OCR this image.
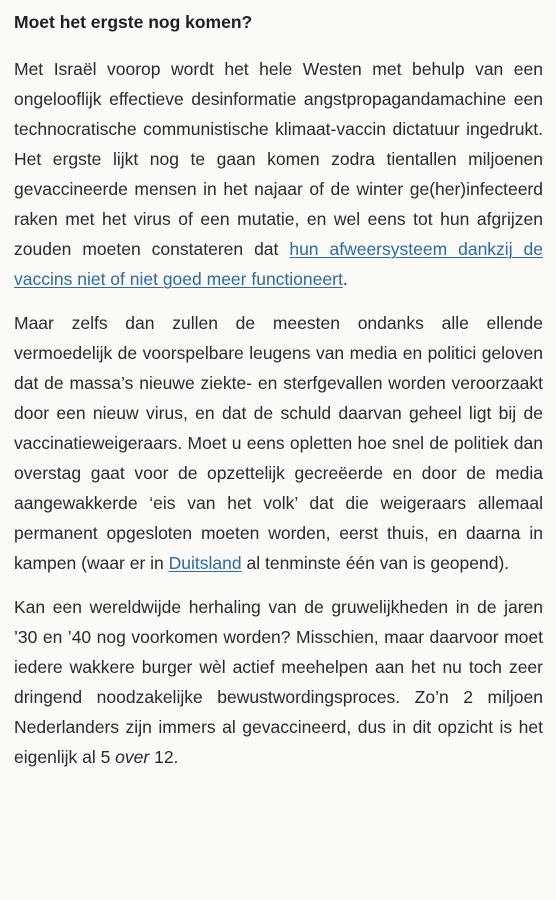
Moet het ergste nog komen?

Met Israël voorop wordt het hele Westen met behulp van een ongelooflijk effectieve desinformatie angstpropagandamachine een technocratische communistische klimaat-vaccin dictatuur ingedrukt. Het ergste lijkt nog te gaan komen zodra tientallen miljoenen gevaccineerde mensen in het najaar of de winter ge(her)infecteerd raken met het virus of een mutatie, en wel eens tot hun afgrijzen zouden moeten constateren dat hun afweersysteem dankzij de vaccins niet of niet goed meer functioneert.

Maar zelfs dan zullen de meesten ondanks alle ellende vermoedelijk de voorspelbare leugens van media en politici geloven dat de massa’s nieuwe ziekte- en sterfgevallen worden veroorzaakt door een nieuw virus, en dat de schuld daarvan geheel ligt bij de vaccinatieweigeraars. Moet u eens opletten hoe snel de politiek dan overstag gaat voor de opzettelijk gecreëerde en door de media aangewakkerde ‘eis van het volk’ dat die weigeraars allemaal permanent opgesloten moeten worden, eerst thuis, en daarna in kampen (waar er in Duitsland al tenminste één van is geopend).

Kan een wereldwijde herhaling van de gruwelijkheden in de jaren ’30 en ’40 nog voorkomen worden? Misschien, maar daarvoor moet iedere wakkere burger wèl actief meehelpen aan het nu toch zeer dringend noodzakelijke bewustwordingsproces. Zo’n 2 miljoen Nederlanders zijn immers al gevaccineerd, dus in dit opzicht is het eigenlijk al 5 over 12.
